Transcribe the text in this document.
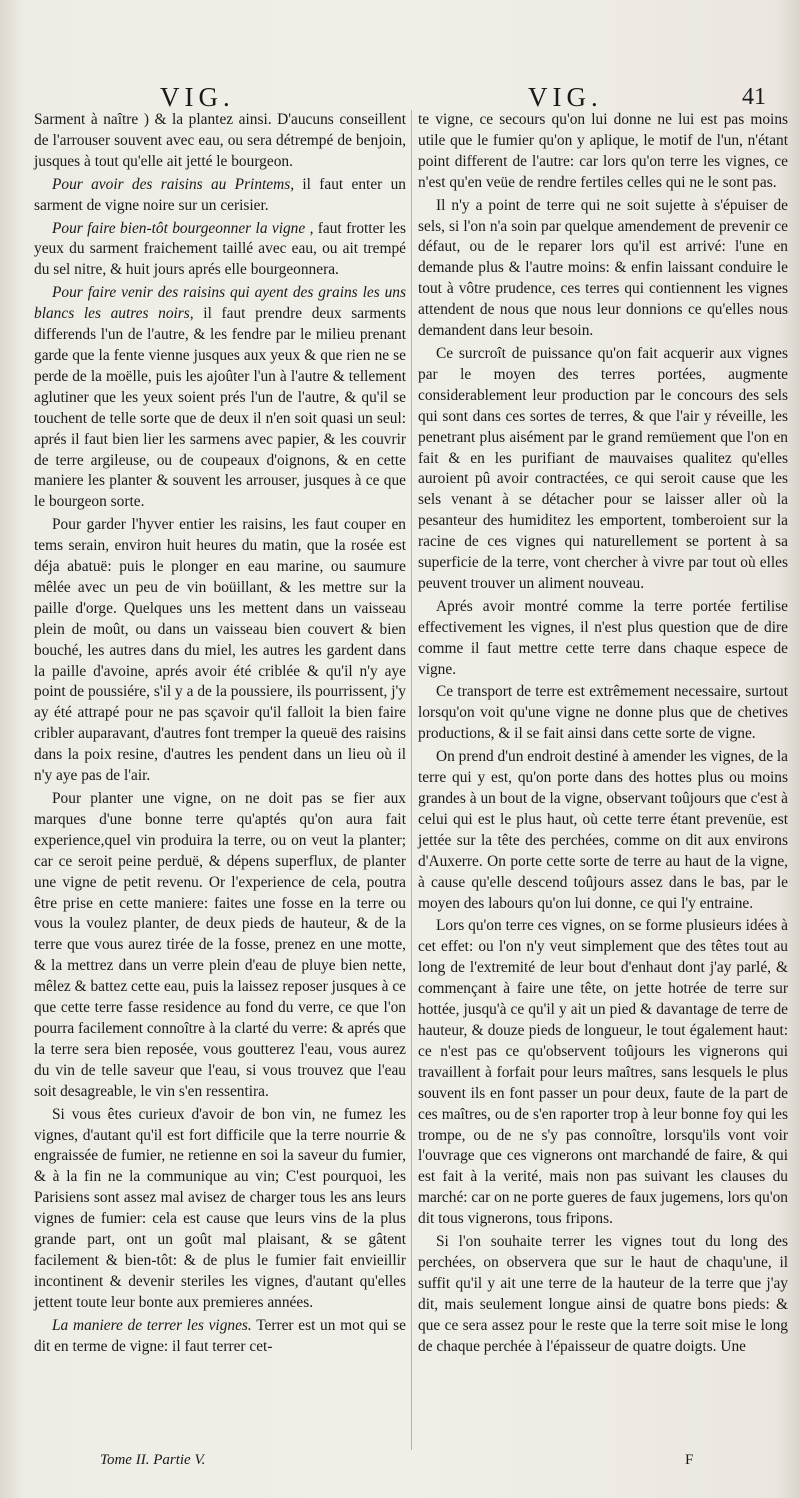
VIG.	VIG.	41

Sarment à naître ) & la plantez ainsi. D'aucuns conseillent de l'arrouser souvent avec eau, ou sera détrempé de benjoin, jusques à tout qu'elle ait jetté le bourgeon.

Pour avoir des raisins au Printems, il faut enter un sarment de vigne noire sur un cerisier.

Pour faire bien-tôt bourgeonner la vigne , faut frotter les yeux du sarment fraichement taillé avec eau, ou ait trempé du sel nitre, & huit jours aprés elle bourgeonnera.

Pour faire venir des raisins qui ayent des grains les uns blancs les autres noirs, il faut prendre deux sarments differends l'un de l'autre, & les fendre par le milieu prenant garde que la fente vienne jusques aux yeux & que rien ne se perde de la moëlle, puis les ajoûter l'un à l'autre & tellement aglutiner que les yeux soient prés l'un de l'autre, & qu'il se touchent de telle sorte que de deux il n'en soit quasi un seul: aprés il faut bien lier les sarmens avec papier, & les couvrir de terre argileuse, ou de coupeaux d'oignons, & en cette maniere les planter & souvent les arrouser, jusques à ce que le bourgeon sorte.

Pour garder l'hyver entier les raisins, les faut couper en tems serain, environ huit heures du matin, que la rosée est déja abatuë: puis le plonger en eau marine, ou saumure mêlée avec un peu de vin boüillant, & les mettre sur la paille d'orge. Quelques uns les mettent dans un vaisseau plein de moût, ou dans un vaisseau bien couvert & bien bouché, les autres dans du miel, les autres les gardent dans la paille d'avoine, aprés avoir été criblée & qu'il n'y aye point de poussiére, s'il y a de la poussiere, ils pourrissent, j'y ay été attrapé pour ne pas sçavoir qu'il falloit la bien faire cribler auparavant, d'autres font tremper la queuë des raisins dans la poix resine, d'autres les pendent dans un lieu où il n'y aye pas de l'air.

Pour planter une vigne, on ne doit pas se fier aux marques d'une bonne terre qu'aptés qu'on aura fait experience,quel vin produira la terre, ou on veut la planter; car ce seroit peine perduë, & dépens superflux, de planter une vigne de petit revenu. Or l'experience de cela, poutra être prise en cette maniere: faites une fosse en la terre ou vous la voulez planter, de deux pieds de hauteur, & de la terre que vous aurez tirée de la fosse, prenez en une motte, & la mettrez dans un verre plein d'eau de pluye bien nette, mêlez & battez cette eau, puis la laissez reposer jusques à ce que cette terre fasse residence au fond du verre, ce que l'on pourra facilement connoître à la clarté du verre: & aprés que la terre sera bien reposée, vous goutterez l'eau, vous aurez du vin de telle saveur que l'eau, si vous trouvez que l'eau soit desagreable, le vin s'en ressentira.

Si vous êtes curieux d'avoir de bon vin, ne fumez les vignes, d'autant qu'il est fort difficile que la terre nourrie & engraissée de fumier, ne retienne en soi la saveur du fumier, & à la fin ne la communique au vin; C'est pourquoi, les Parisiens sont assez mal avisez de charger tous les ans leurs vignes de fumier: cela est cause que leurs vins de la plus grande part, ont un goût mal plaisant, & se gâtent facilement & bien-tôt: & de plus le fumier fait envieillir incontinent & devenir steriles les vignes, d'autant qu'elles jettent toute leur bonte aux premieres années.

La maniere de terrer les vignes. Terrer est un mot qui se dit en terme de vigne: il faut terrer cet-

te vigne, ce secours qu'on lui donne ne lui est pas moins utile que le fumier qu'on y aplique, le motif de l'un, n'étant point different de l'autre: car lors qu'on terre les vignes, ce n'est qu'en veüe de rendre fertiles celles qui ne le sont pas.

Il n'y a point de terre qui ne soit sujette à s'épuiser de sels, si l'on n'a soin par quelque amendement de prevenir ce défaut, ou de le reparer lors qu'il est arrivé: l'une en demande plus & l'autre moins: & enfin laissant conduire le tout à vôtre prudence, ces terres qui contiennent les vignes attendent de nous que nous leur donnions ce qu'elles nous demandent dans leur besoin.

Ce surcroît de puissance qu'on fait acquerir aux vignes par le moyen des terres portées, augmente considerablement leur production par le concours des sels qui sont dans ces sortes de terres, & que l'air y réveille, les penetrant plus aisément par le grand remüement que l'on en fait & en les purifiant de mauvaises qualitez qu'elles auroient pû avoir contractées, ce qui seroit cause que les sels venant à se détacher pour se laisser aller où la pesanteur des humiditez les emportent, tomberoient sur la racine de ces vignes qui naturellement se portent à sa superficie de la terre, vont chercher à vivre par tout où elles peuvent trouver un aliment nouveau.

Aprés avoir montré comme la terre portée fertilise effectivement les vignes, il n'est plus question que de dire comme il faut mettre cette terre dans chaque espece de vigne.

Ce transport de terre est extrêmement necessaire, surtout lorsqu'on voit qu'une vigne ne donne plus que de chetives productions, & il se fait ainsi dans cette sorte de vigne.

On prend d'un endroit destiné à amender les vignes, de la terre qui y est, qu'on porte dans des hottes plus ou moins grandes à un bout de la vigne, observant toûjours que c'est à celui qui est le plus haut, où cette terre étant prevenüe, est jettée sur la tête des perchées, comme on dit aux environs d'Auxerre. On porte cette sorte de terre au haut de la vigne, à cause qu'elle descend toûjours assez dans le bas, par le moyen des labours qu'on lui donne, ce qui l'y entraine.

Lors qu'on terre ces vignes, on se forme plusieurs idées à cet effet: ou l'on n'y veut simplement que des têtes tout au long de l'extremité de leur bout d'enhaut dont j'ay parlé, & commençant à faire une tête, on jette hotrée de terre sur hottée, jusqu'à ce qu'il y ait un pied & davantage de terre de hauteur, & douze pieds de longueur, le tout également haut: ce n'est pas ce qu'observent toûjours les vignerons qui travaillent à forfait pour leurs maîtres, sans lesquels le plus souvent ils en font passer un pour deux, faute de la part de ces maîtres, ou de s'en raporter trop à leur bonne foy qui les trompe, ou de ne s'y pas connoître, lorsqu'ils vont voir l'ouvrage que ces vignerons ont marchandé de faire, & qui est fait à la verité, mais non pas suivant les clauses du marché: car on ne porte gueres de faux jugemens, lors qu'on dit tous vignerons, tous fripons.

Si l'on souhaite terrer les vignes tout du long des perchées, on observera que sur le haut de chaqu'une, il suffit qu'il y ait une terre de la hauteur de la terre que j'ay dit, mais seulement longue ainsi de quatre bons pieds: & que ce sera assez pour le reste que la terre soit mise le long de chaque perchée à l'épaisseur de quatre doigts. Une

Tome II. Partie V.	F
